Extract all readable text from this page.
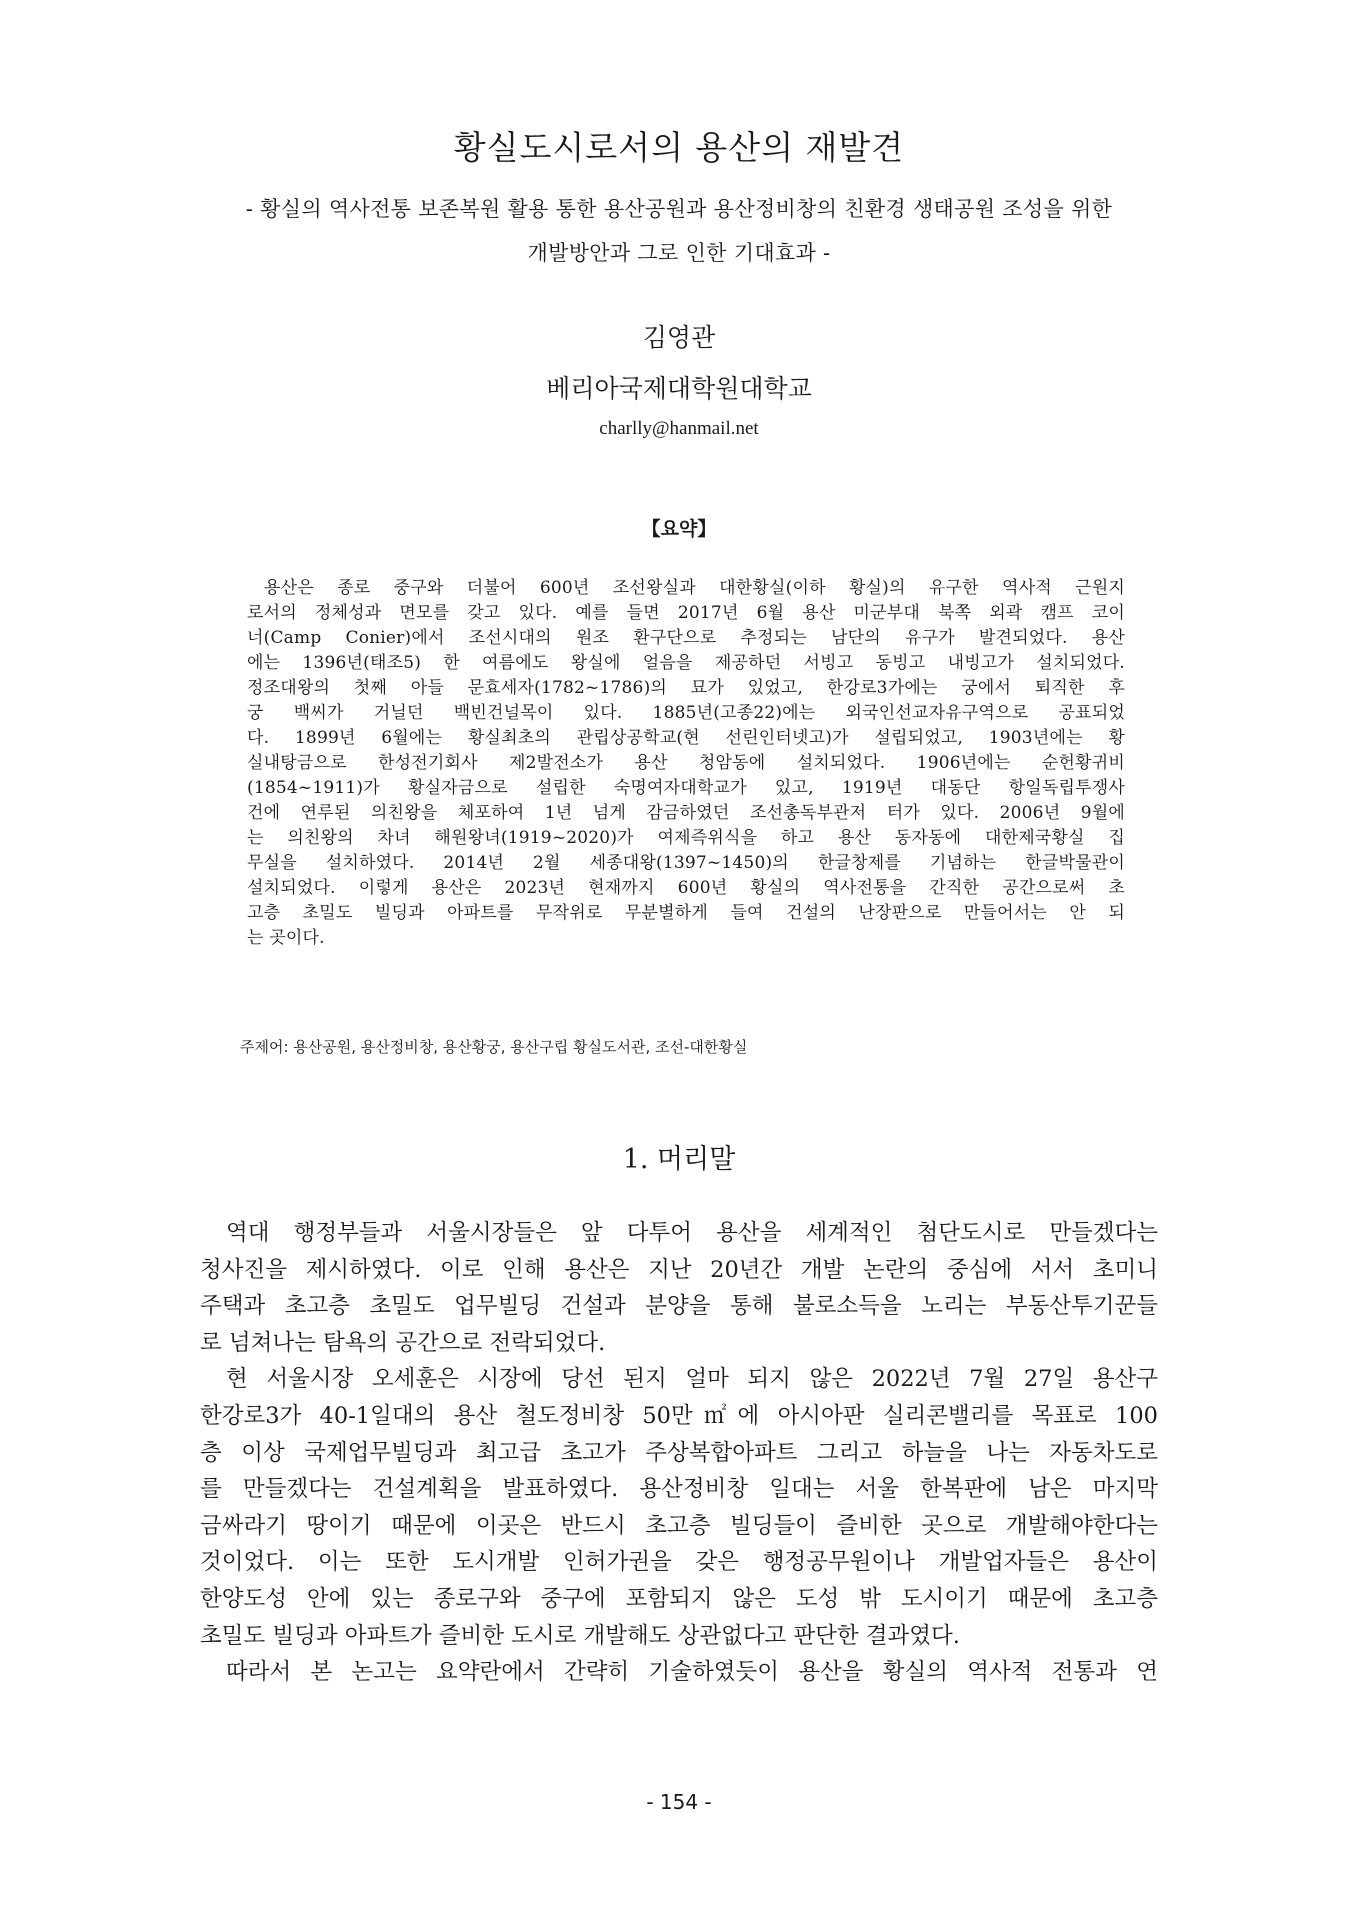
황실도시로서의 용산의 재발견
- 황실의 역사전통 보존복원 활용 통한 용산공원과 용산정비창의 친환경 생태공원 조성을 위한
개발방안과 그로 인한 기대효과 -
김영관
베리아국제대학원대학교
charlly@hanmail.net
【요약】
용산은 종로 중구와 더불어 600년 조선왕실과 대한황실(이하 황실)의 유구한 역사적 근원지
로서의 정체성과 면모를 갖고 있다. 예를 들면 2017년 6월 용산 미군부대 북쪽 외곽 캠프 코이
너(Camp Conier)에서 조선시대의 원조 환구단으로 추정되는 남단의 유구가 발견되었다. 용산
에는 1396년(태조5) 한 여름에도 왕실에 얼음을 제공하던 서빙고 동빙고 내빙고가 설치되었다.
정조대왕의 첫째 아들 문효세자(1782~1786)의 묘가 있었고, 한강로3가에는 궁에서 퇴직한 후
궁 백씨가 거닐던 백빈건널목이 있다. 1885년(고종22)에는 외국인선교자유구역으로 공표되었
다. 1899년 6월에는 황실최초의 관립상공학교(현 선린인터넷고)가 설립되었고, 1903년에는 황
실내탕금으로 한성전기회사 제2발전소가 용산 청암동에 설치되었다. 1906년에는 순헌황귀비
(1854~1911)가 황실자금으로 설립한 숙명여자대학교가 있고, 1919년 대동단 항일독립투쟁사
건에 연루된 의친왕을 체포하여 1년 넘게 감금하였던 조선총독부관저 터가 있다. 2006년 9월에
는 의친왕의 차녀 해원왕녀(1919~2020)가 여제즉위식을 하고 용산 동자동에 대한제국황실 집
무실을 설치하였다. 2014년 2월 세종대왕(1397~1450)의 한글창제를 기념하는 한글박물관이
설치되었다. 이렇게 용산은 2023년 현재까지 600년 황실의 역사전통을 간직한 공간으로써 초
고층 초밀도 빌딩과 아파트를 무작위로 무분별하게 들여 건설의 난장판으로 만들어서는 안 되
는 곳이다.
주제어: 용산공원, 용산정비창, 용산황궁, 용산구립 황실도서관, 조선-대한황실
1. 머리말
역대 행정부들과 서울시장들은 앞 다투어 용산을 세계적인 첨단도시로 만들겠다는
청사진을 제시하였다. 이로 인해 용산은 지난 20년간 개발 논란의 중심에 서서 초미니
주택과 초고층 초밀도 업무빌딩 건설과 분양을 통해 불로소득을 노리는 부동산투기꾼들
로 넘쳐나는 탐욕의 공간으로 전락되었다.
현 서울시장 오세훈은 시장에 당선 된지 얼마 되지 않은 2022년 7월 27일 용산구
한강로3가 40-1일대의 용산 철도정비창 50만㎡에 아시아판 실리콘밸리를 목표로 100
층 이상 국제업무빌딩과 최고급 초고가 주상복합아파트 그리고 하늘을 나는 자동차도로
를 만들겠다는 건설계획을 발표하였다. 용산정비창 일대는 서울 한복판에 남은 마지막
금싸라기 땅이기 때문에 이곳은 반드시 초고층 빌딩들이 즐비한 곳으로 개발해야한다는
것이었다. 이는 또한 도시개발 인허가권을 갖은 행정공무원이나 개발업자들은 용산이
한양도성 안에 있는 종로구와 중구에 포함되지 않은 도성 밖 도시이기 때문에 초고층
초밀도 빌딩과 아파트가 즐비한 도시로 개발해도 상관없다고 판단한 결과였다.
따라서 본 논고는 요약란에서 간략히 기술하였듯이 용산을 황실의 역사적 전통과 연
- 154 -
